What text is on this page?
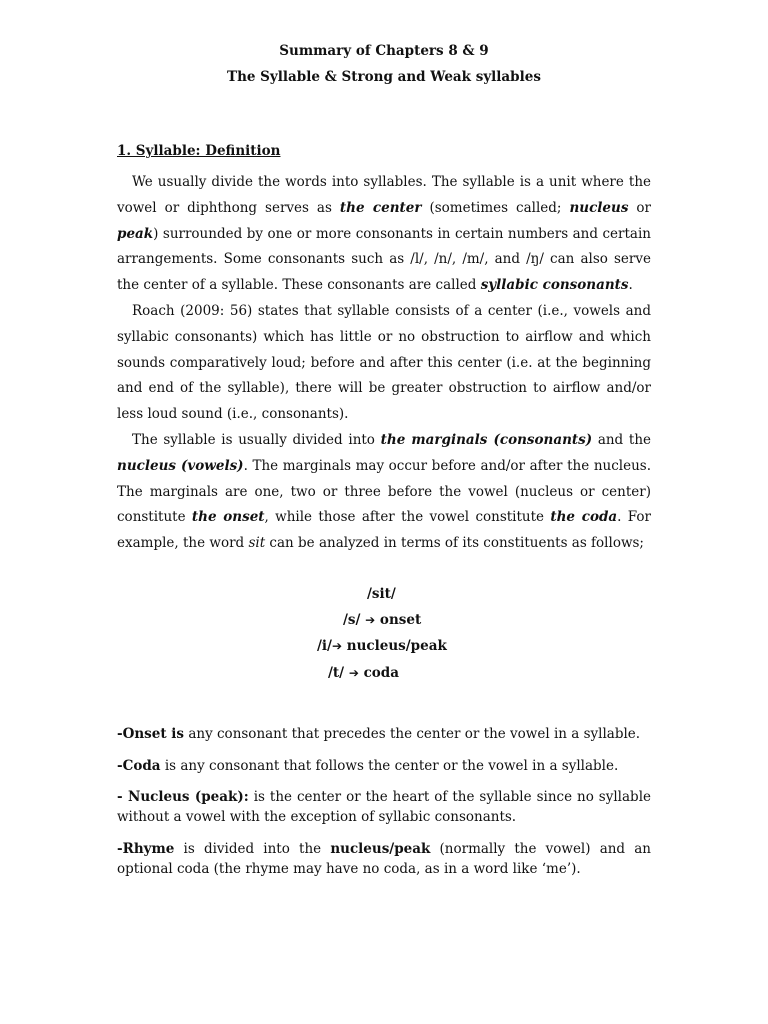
Summary of Chapters 8 & 9
The Syllable & Strong and Weak syllables
1. Syllable: Definition

We usually divide the words into syllables. The syllable is a unit where the vowel or diphthong serves as the center (sometimes called; nucleus or peak) surrounded by one or more consonants in certain numbers and certain arrangements. Some consonants such as /l/, /n/, /m/, and /ŋ/ can also serve the center of a syllable. These consonants are called syllabic consonants.

Roach (2009: 56) states that syllable consists of a center (i.e., vowels and syllabic consonants) which has little or no obstruction to airflow and which sounds comparatively loud; before and after this center (i.e. at the beginning and end of the syllable), there will be greater obstruction to airflow and/or less loud sound (i.e., consonants).

The syllable is usually divided into the marginals (consonants) and the nucleus (vowels). The marginals may occur before and/or after the nucleus. The marginals are one, two or three before the vowel (nucleus or center) constitute the onset, while those after the vowel constitute the coda. For example, the word sit can be analyzed in terms of its constituents as follows;

/sit/
/s/ ➔ onset
/i/➔ nucleus/peak
/t/ ➔ coda
-Onset is any consonant that precedes the center or the vowel in a syllable.
-Coda is any consonant that follows the center or the vowel in a syllable.
- Nucleus (peak): is the center or the heart of the syllable since no syllable without a vowel with the exception of syllabic consonants.
-Rhyme is divided into the nucleus/peak (normally the vowel) and an optional coda (the rhyme may have no coda, as in a word like ‘me’).
